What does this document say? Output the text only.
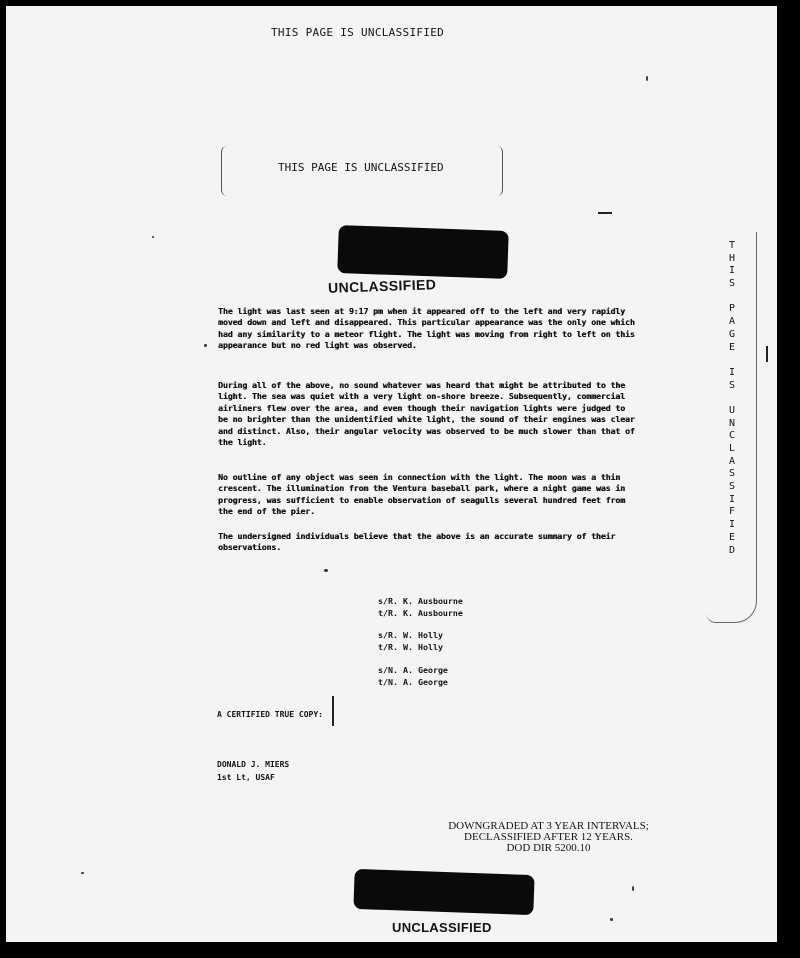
THIS PAGE IS UNCLASSIFIED
THIS PAGE IS UNCLASSIFIED
UNCLASSIFIED
T
H
I
S

P
A
G
E

I
S

U
N
C
L
A
S
S
I
F
I
E
D

The light was last seen at 9:17 pm when it appeared off to the left and very rapidly moved down and left and disappeared. This particular appearance was the only one which had any similarity to a meteor flight. The light was moving from right to left on this appearance but no red light was observed.

During all of the above, no sound whatever was heard that might be attributed to the light. The sea was quiet with a very light on-shore breeze. Subsequently, commercial airliners flew over the area, and even though their navigation lights were judged to be no brighter than the unidentified white light, the sound of their engines was clear and distinct. Also, their angular velocity was observed to be much slower than that of the light.

No outline of any object was seen in connection with the light. The moon was a thin crescent. The illumination from the Ventura baseball park, where a night game was in progress, was sufficient to enable observation of seagulls several hundred feet from the end of the pier.

The undersigned individuals believe that the above is an accurate summary of their observations.

s/R. K. Ausbourne
t/R. K. Ausbourne
s/R. W. Holly
t/R. W. Holly
s/N. A. George
t/N. A. George
A CERTIFIED TRUE COPY:
DONALD J. MIERS
1st Lt, USAF
DOWNGRADED AT 3 YEAR INTERVALS;
DECLASSIFIED AFTER 12 YEARS.
DOD DIR 5200.10
UNCLASSIFIED
